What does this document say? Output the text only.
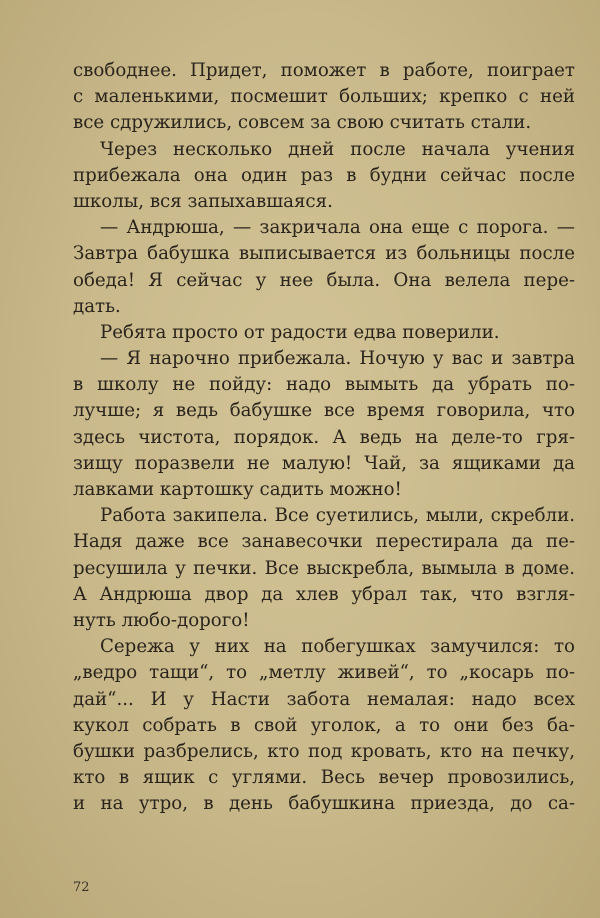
свободнее. Придет, поможет в работе, поиграет
с маленькими, посмешит больших; крепко с ней
все сдружились, совсем за свою считать стали.
Через несколько дней после начала учения
прибежала она один раз в будни сейчас после
школы, вся запыхавшаяся.
— Андрюша, — закричала она еще с порога. —
Завтра бабушка выписывается из больницы после
обеда! Я сейчас у нее была. Она велела пере-
дать.
Ребята просто от радости едва поверили.
— Я нарочно прибежала. Ночую у вас и завтра
в школу не пойду: надо вымыть да убрать по-
лучше; я ведь бабушке все время говорила, что
здесь чистота, порядок. А ведь на деле-то гря-
зищу поразвели не малую! Чай, за ящиками да
лавками картошку садить можно!
Работа закипела. Все суетились, мыли, скребли.
Надя даже все занавесочки перестирала да пе-
ресушила у печки. Все выскребла, вымыла в доме.
А Андрюша двор да хлев убрал так, что взгля-
нуть любо-дорого!
Сережа у них на побегушках замучился: то
„ведро тащи“, то „метлу живей“, то „косарь по-
дай“... И у Насти забота немалая: надо всех
кукол собрать в свой уголок, а то они без ба-
бушки разбрелись, кто под кровать, кто на печку,
кто в ящик с углями. Весь вечер провозились,
и на утро, в день бабушкина приезда, до са-
72
